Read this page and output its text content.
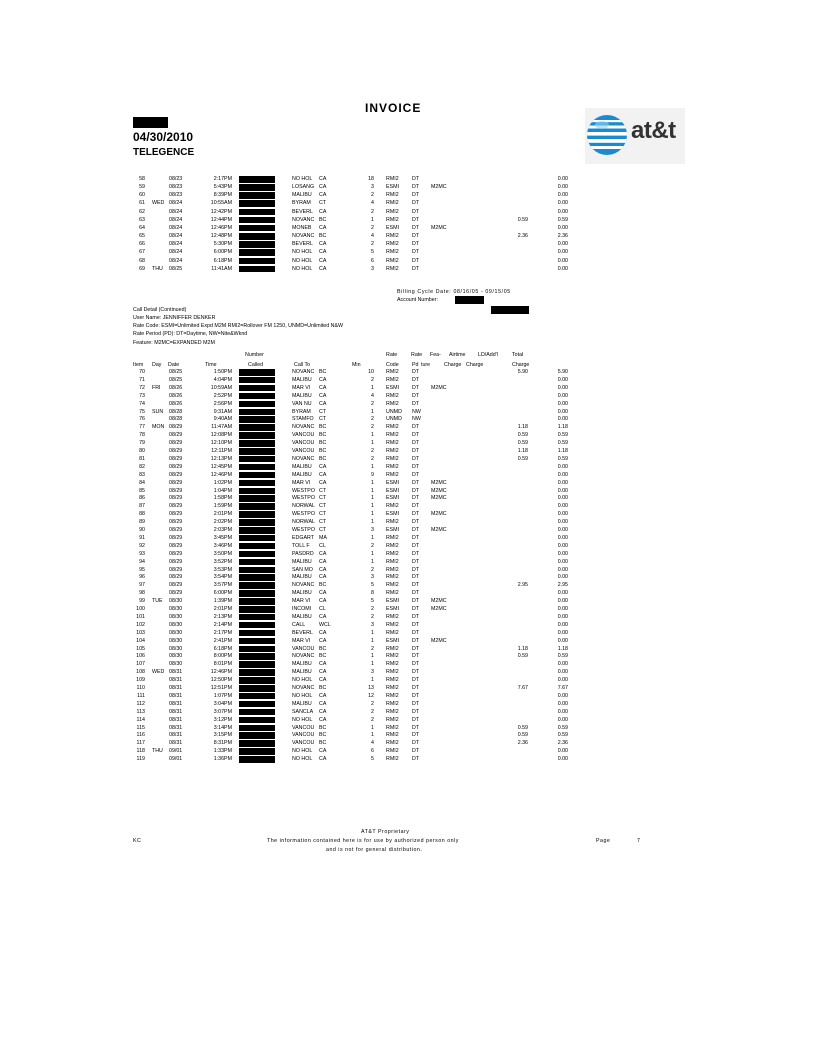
INVOICE
04/30/2010
TELEGENCE
at&t
58	08/23	2:17PM	NO HOL CA	18 RMI2	DT	0.00
59	08/23	5:43PM	LOSANG CA	3 ESMI DT M2MC	0.00
60	08/23	8:39PM	MALIBU CA	2 RMI2	DT	0.00
61 WED 08/24	10:55AM	BYRAM CT	4 RMI2	DT	0.00
62	08/24	12:42PM	BEVERL CA	2 RMI2	DT	0.00
63	08/24	12:44PM	NOVANC BC	1 RMI2	DT	0.59	0.59
64	08/24	12:46PM	MONEB CA	2 ESMI DT M2MC	0.00
65	08/24	12:48PM	NOVANC BC	4 RMI2	DT	2.36	2.36
66	08/24	5:30PM	BEVERL CA	2 RMI2	DT	0.00
67	08/24	6:00PM	NO HOL CA	5 RMI2	DT	0.00
68	08/24	6:18PM	NO HOL CA	6 RMI2	DT	0.00
69 THU 08/25	11:41AM	NO HOL CA	3 RMI2	DT	0.00
Billing Cycle Date: 08/16/05 - 09/15/05
Account Number:
Call Detail (Continued)
User Name: JENNIFFER DENKER
Rate Code: ESMI=Unlimited Expd M2M RMI2=Rollover FM 1250, UNMD=Unlimited N&W
Rate Period (PD): DT=Daytime, NW=Nite&Wknd
Feature: M2MC=EXPANDED M2M
Number	Rate	Rate Fea- Airtime LD/Add'l	Total
Item Day Date	Time	Called	Call To	Min	Code	Pd ture	Charge Charge	Charge
70	08/25	1:50PM	NOVANC BC	10 RMI2	DT	5.90	5.90
71	08/25	4:04PM	MALIBU CA	2 RMI2	DT	0.00
72 FRI 08/26	10:59AM	MAR VI CA	1 ESMI DT M2MC	0.00
73	08/26	2:52PM	MALIBU CA	4 RMI2	DT	0.00
74	08/26	2:56PM	VAN NU CA	2 RMI2	DT	0.00
75 SUN 08/28	9:31AM	BYRAM CT	1 UNMD NW	0.00
76	08/28	9:40AM	STAMFO CT	2 UNMD NW	0.00
77 MON 08/29	11:47AM	NOVANC BC	2 RMI2	DT	1.18	1.18
78	08/29	12:08PM	VANCOU BC	1 RMI2	DT	0.59	0.59
79	08/29	12:10PM	VANCOU BC	1 RMI2	DT	0.59	0.59
80	08/29	12:11PM	VANCOU BC	2 RMI2	DT	1.18	1.18
81	08/29	12:13PM	NOVANC BC	2 RMI2	DT	0.59	0.59
82	08/29	12:45PM	MALIBU CA	1 RMI2	DT	0.00
83	08/29	12:46PM	MALIBU CA	9 RMI2	DT	0.00
84	08/29	1:02PM	MAR VI CA	1 ESMI DT M2MC	0.00
85	08/29	1:04PM	WESTPO CT	1 ESMI DT M2MC	0.00
86	08/29	1:58PM	WESTPO CT	1 ESMI DT M2MC	0.00
87	08/29	1:59PM	NORWAL CT	1 RMI2	DT	0.00
88	08/29	2:01PM	WESTPO CT	1 ESMI DT M2MC	0.00
89	08/29	2:02PM	NORWAL CT	1 RMI2	DT	0.00
90	08/29	2:03PM	WESTPO CT	3 ESMI DT M2MC	0.00
91	08/29	3:45PM	EDGART MA	1 RMI2	DT	0.00
92	08/29	3:46PM	TOLL F CL	2 RMI2	DT	0.00
93	08/29	3:50PM	PASDRD CA	1 RMI2	DT	0.00
94	08/29	3:52PM	MALIBU CA	1 RMI2	DT	0.00
95	08/29	3:53PM	SAN MO CA	2 RMI2	DT	0.00
96	08/29	3:54PM	MALIBU CA	3 RMI2	DT	0.00
97	08/29	3:57PM	NOVANC BC	5 RMI2	DT	2.95	2.95
98	08/29	6:00PM	MALIBU CA	8 RMI2	DT	0.00
99 TUE 08/30	1:39PM	MAR VI CA	5 ESMI DT M2MC	0.00
100	08/30	2:01PM	INCOMI CL	2 ESMI DT M2MC	0.00
101	08/30	2:13PM	MALIBU CA	2 RMI2	DT	0.00
102	08/30	2:14PM	CALL	WCL	3 RMI2	DT	0.00
103	08/30	2:17PM	BEVERL CA	1 RMI2	DT	0.00
104	08/30	2:41PM	MAR VI CA	1 ESMI DT M2MC	0.00
105	08/30	6:18PM	VANCOU BC	2 RMI2	DT	1.18	1.18
106	08/30	8:00PM	NOVANC BC	1 RMI2	DT	0.59	0.59
107	08/30	8:01PM	MALIBU CA	1 RMI2	DT	0.00
108 WED 08/31	12:46PM	MALIBU CA	3 RMI2	DT	0.00
109	08/31	12:50PM	NO HOL CA	1 RMI2	DT	0.00
110	08/31	12:51PM	NOVANC BC	13 RMI2	DT	7.67	7.67
111	08/31	1:07PM	NO HOL CA	12 RMI2	DT	0.00
112	08/31	3:04PM	MALIBU CA	2 RMI2	DT	0.00
113	08/31	3:07PM	SANCLA CA	2 RMI2	DT	0.00
114	08/31	3:12PM	NO HOL CA	2 RMI2	DT	0.00
115	08/31	3:14PM	VANCOU BC	1 RMI2	DT	0.59	0.59
116	08/31	3:15PM	VANCOU BC	1 RMI2	DT	0.59	0.59
117	08/31	8:31PM	VANCOU BC	4 RMI2	DT	2.36	2.36
118 THU 09/01	1:33PM	NO HOL CA	6 RMI2	DT	0.00
119	09/01	1:36PM	NO HOL CA	5 RMI2	DT	0.00
AT&T Proprietary
KC	The information contained here is for use by authorized person only	Page	7
and is not for general distribution.
